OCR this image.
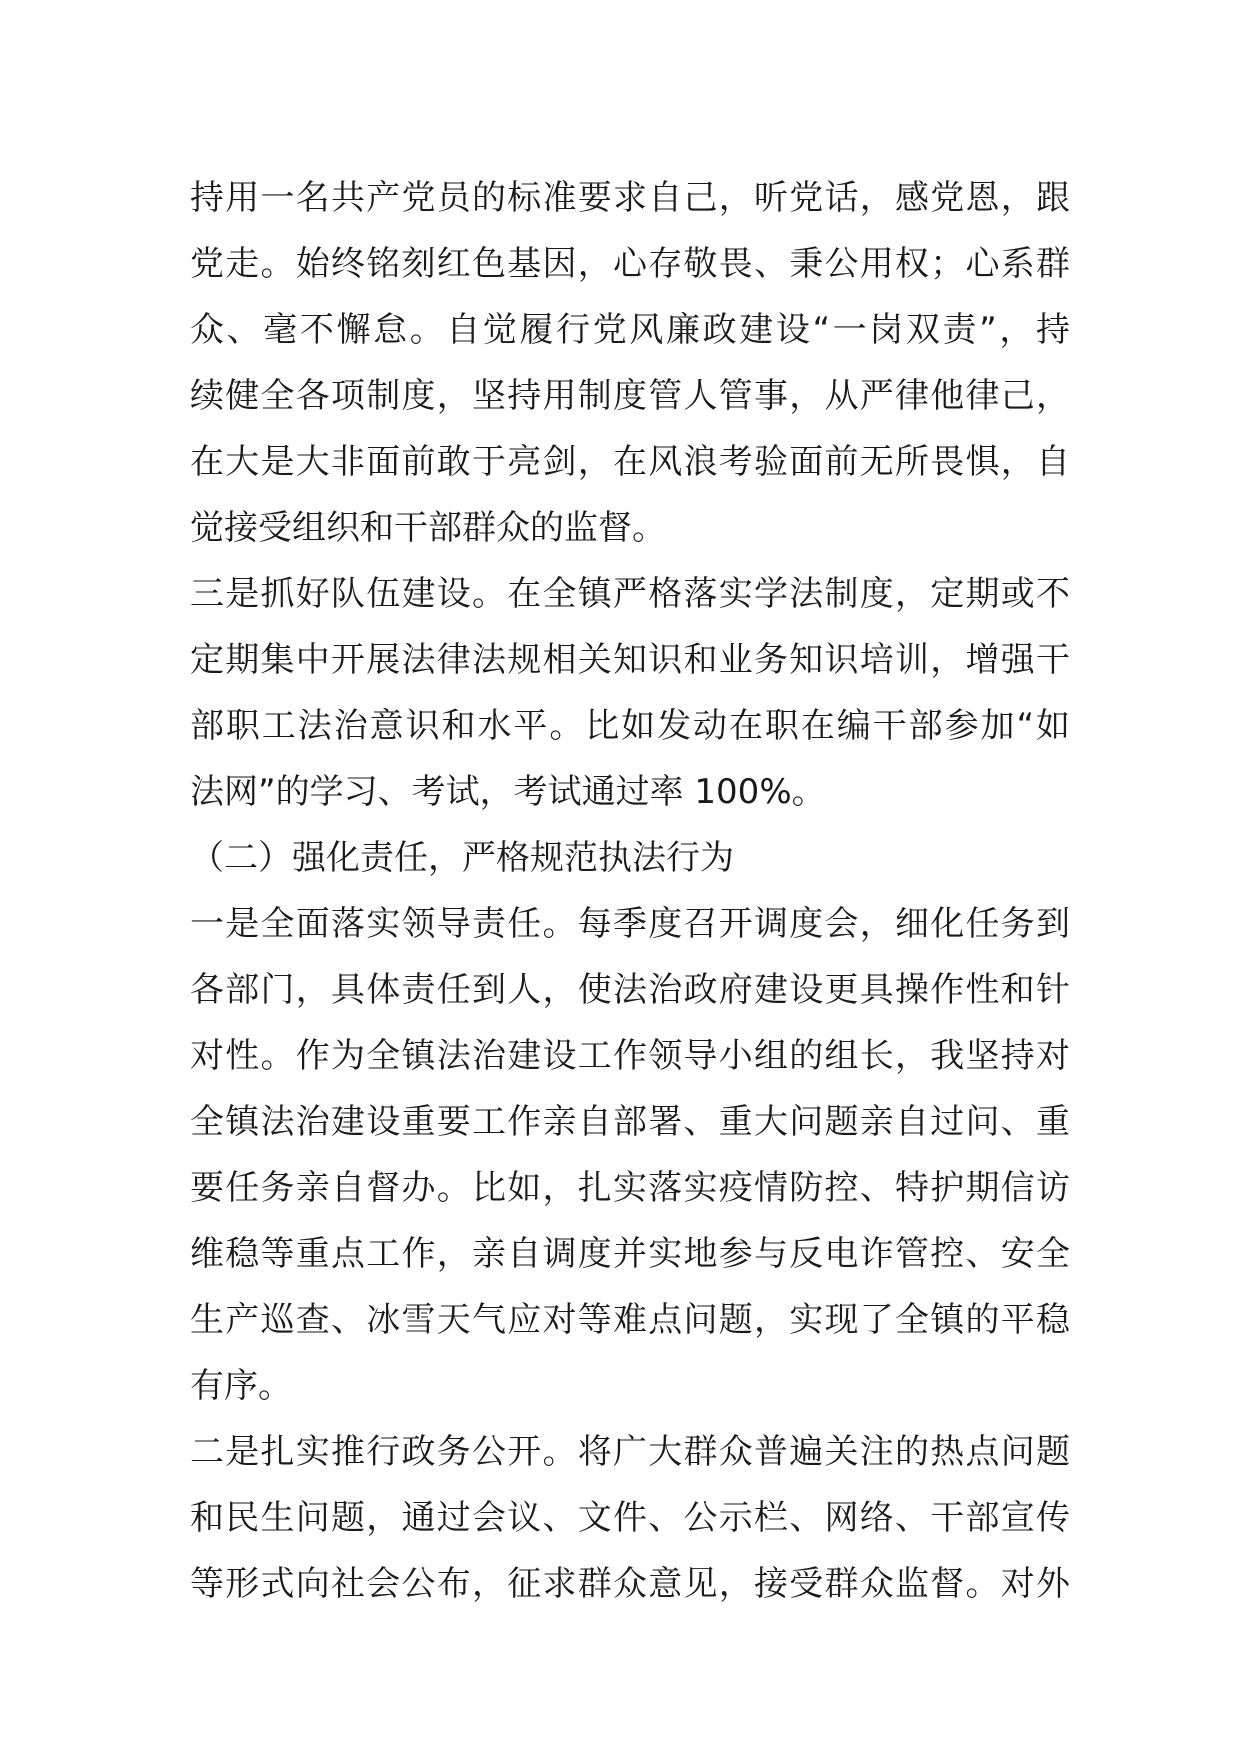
持用一名共产党员的标准要求自己，听党话，感党恩，跟
党走。始终铭刻红色基因，心存敬畏、秉公用权；心系群
众、毫不懈怠。自觉履行党风廉政建设“一岗双责”，持
续健全各项制度，坚持用制度管人管事，从严律他律己，
在大是大非面前敢于亮剑，在风浪考验面前无所畏惧，自
觉接受组织和干部群众的监督。
三是抓好队伍建设。在全镇严格落实学法制度，定期或不
定期集中开展法律法规相关知识和业务知识培训，增强干
部职工法治意识和水平。比如发动在职在编干部参加“如
法网”的学习、考试，考试通过率 100%。
（二）强化责任，严格规范执法行为
一是全面落实领导责任。每季度召开调度会，细化任务到
各部门，具体责任到人，使法治政府建设更具操作性和针
对性。作为全镇法治建设工作领导小组的组长，我坚持对
全镇法治建设重要工作亲自部署、重大问题亲自过问、重
要任务亲自督办。比如，扎实落实疫情防控、特护期信访
维稳等重点工作，亲自调度并实地参与反电诈管控、安全
生产巡查、冰雪天气应对等难点问题，实现了全镇的平稳
有序。
二是扎实推行政务公开。将广大群众普遍关注的热点问题
和民生问题，通过会议、文件、公示栏、网络、干部宣传
等形式向社会公布，征求群众意见，接受群众监督。对外
